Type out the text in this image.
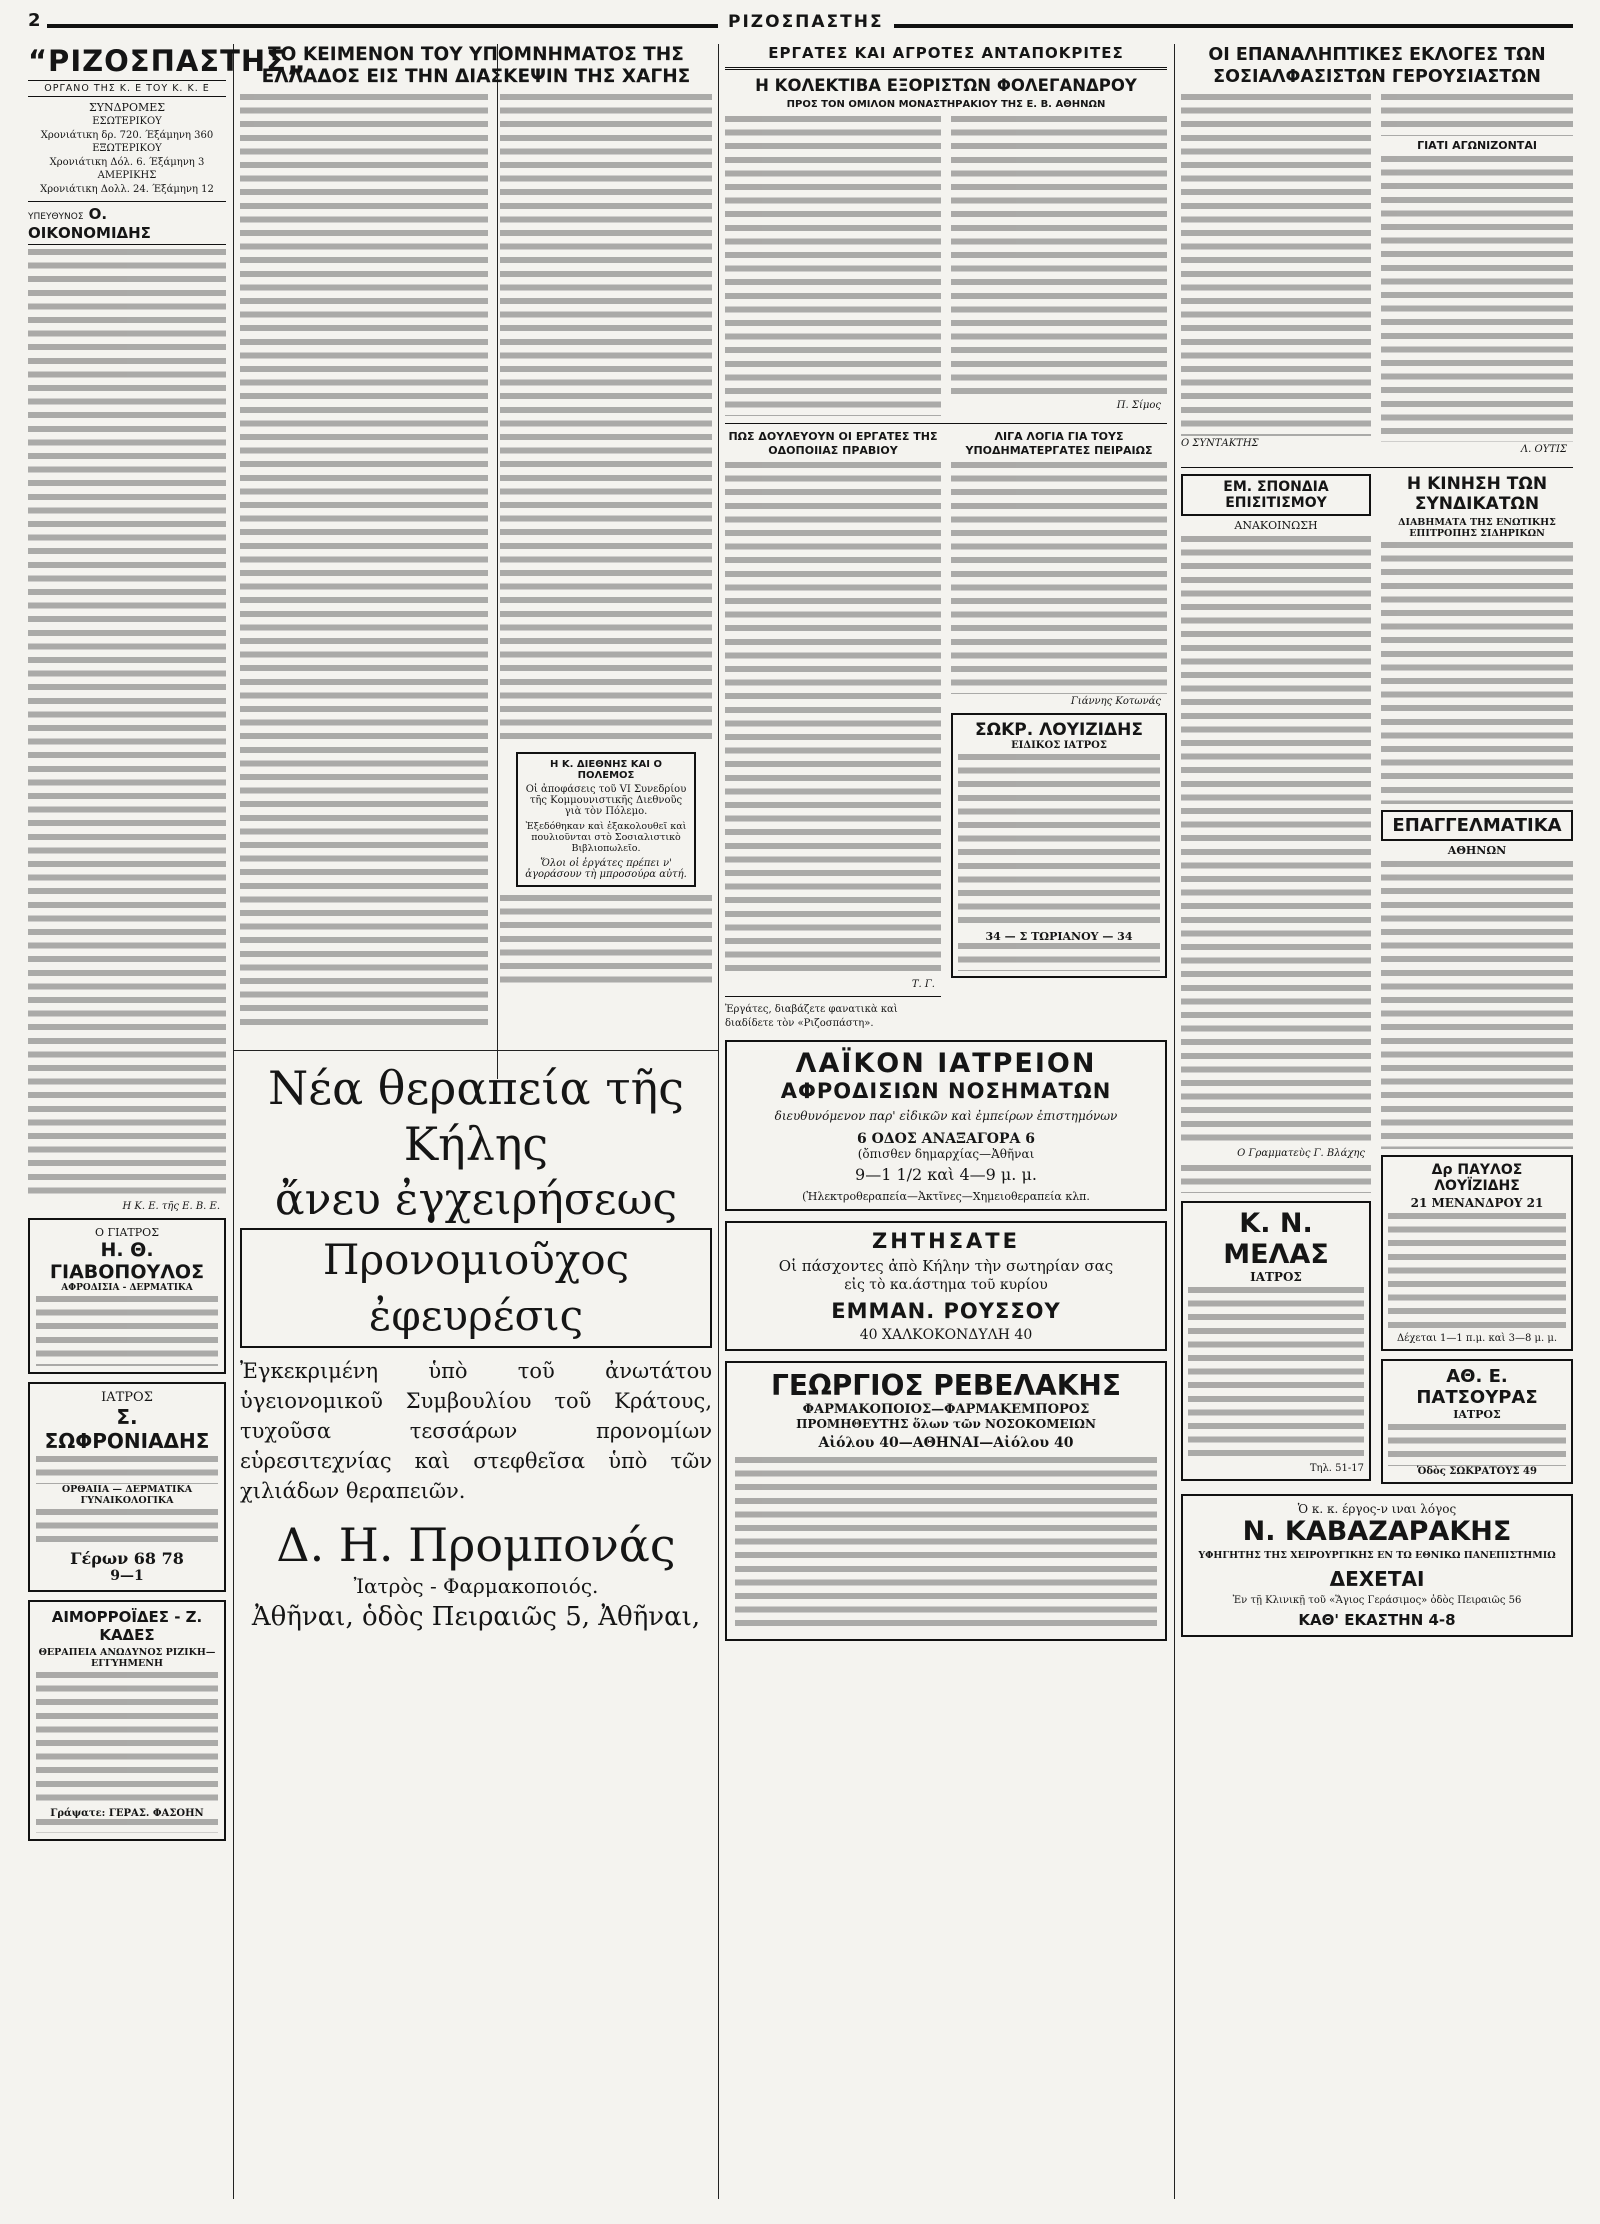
2	ΡΙΖΟΣΠΑΣΤΗΣ
“ΡΙΖΟΣΠΑΣΤΗΣ„
ΟΡΓΑΝΟ ΤΗΣ Κ. Ε ΤΟΥ Κ. Κ. Ε
ΣΥΝΔΡΟΜΕΣ
ΕΣΩΤΕΡΙΚΟΥ
Χρονιάτικη δρ. 720. Έξάμηνη 360
ΕΞΩΤΕΡΙΚΟΥ
Χρονιάτικη Δόλ. 6. Έξάμηνη 3
ΑΜΕΡΙΚΗΣ
Χρονιάτικη Δολλ. 24. Έξάμηνη 12
ΥΠΕΥΘΥΝΟΣ Ο. ΟΙΚΟΝΟΜΙΔΗΣ
Η Κ. Ε. τῆς Ε. Β. Ε.
Ο ΓΙΑΤΡΟΣ
Η. Θ. ΓΙΑΒΟΠΟΥΛΟΣ
ΑΦΡΟΔΙΣΙΑ - ΔΕΡΜΑΤΙΚΑ
ΙΑΤΡΟΣ
Σ. ΣΩΦΡΟΝΙΑΔΗΣ
ΟΡΘΑΙΙΑ — ΔΕΡΜΑΤΙΚΑ ΓΥΝΑΙΚΟΛΟΓΙΚΑ
Γέρων 68 78
9—1
ΑΙΜΟΡΡΟΪΔΕΣ - Ζ. ΚΑΔΕΣ
ΘΕΡΑΠΕΙΑ ΑΝΩΔΥΝΟΣ ΡΙΖΙΚΗ—ΕΓΓΥΗΜΕΝΗ
Γράψατε: ΓΕΡΑΣ. ΦΑΣΟΗΝ
ΤΟ ΚΕΙΜΕΝΟΝ ΤΟΥ ΥΠΟΜΝΗΜΑΤΟΣ ΤΗΣ ΕΛΛΑΔΟΣ ΕΙΣ ΤΗΝ ΔΙΑΣΚΕΨΙΝ ΤΗΣ ΧΑΓΗΣ
Η Κ. ΔΙΕΘΝΗΣ ΚΑΙ Ο ΠΟΛΕΜΟΣ
Οἱ ἀποφάσεις τοῦ VI Συνεδρίου τῆς Κομμουνιστικῆς Διεθνοῦς γιὰ τὸν Πόλεμο.
Ἐξεδόθηκαν καὶ ἐξακολουθεῖ καὶ πουλιοῦνται στὸ Σοσιαλιστικὸ Βιβλιοπωλεῖο.
Ὅλοι οἱ ἐργάτες πρέπει ν' ἀγοράσουν τὴ μπροσούρα αὐτή.
Νέα θεραπεία τῆς Κήλης
ἄνευ ἐγχειρήσεως
Προνομιοῦχος ἐφευρέσις
Ἐγκεκριμένη ὑπὸ τοῦ ἀνωτάτου ὑγειονομικοῦ Συμβουλίου τοῦ Κράτους, τυχοῦσα τεσσάρων προνομίων εὑρεσιτεχνίας καὶ στεφθεῖσα ὑπὸ τῶν χιλιάδων θεραπειῶν.
Δ. Η. Προμπονάς
Ἰατρὸς - Φαρμακοποιός.
Ἀθῆναι, ὁδὸς Πειραιῶς 5, Ἀθῆναι,
ΕΡΓΑΤΕΣ ΚΑΙ ΑΓΡΟΤΕΣ ΑΝΤΑΠΟΚΡΙΤΕΣ
Η ΚΟΛΕΚΤΙΒΑ ΕΞΟΡΙΣΤΩΝ ΦΟΛΕΓΑΝΔΡΟΥ
ΠΡΟΣ ΤΟΝ ΟΜΙΛΟΝ ΜΟΝΑΣΤΗΡΑΚΙΟΥ ΤΗΣ Ε. Β. ΑΘΗΝΩΝ
Π. Σίμος
ΠΩΣ ΔΟΥΛΕΥΟΥΝ ΟΙ ΕΡΓΑΤΕΣ ΤΗΣ ΟΔΟΠΟΙΙΑΣ ΠΡΑΒΙΟΥ
Τ. Γ.
Ἐργάτες, διαβάζετε φανατικὰ καὶ διαδίδετε τὸν «Ριζοσπάστη».
ΛΙΓΑ ΛΟΓΙΑ ΓΙΑ ΤΟΥΣ ΥΠΟΔΗΜΑΤΕΡΓΑΤΕΣ ΠΕΙΡΑΙΩΣ
Γιάννης Κοτωνάς
ΣΩΚΡ. ΛΟΥΙΖΙΔΗΣ
ΕΙΔΙΚΟΣ ΙΑΤΡΟΣ
34 — Σ ΤΩΡΙΑΝΟΥ — 34
ΛΑΪΚΟΝ ΙΑΤΡΕΙΟΝ
ΑΦΡΟΔΙΣΙΩΝ ΝΟΣΗΜΑΤΩΝ
διευθυνόμενον παρ' εἰδικῶν καὶ ἐμπείρων ἐπιστημόνων
6 ΟΔΟΣ ΑΝΑΞΑΓΟΡΑ 6
(ὄπισθεν δημαρχίας—Ἀθῆναι
9—1 1/2 καὶ 4—9 μ. μ.
(Ἠλεκτροθεραπεία—Ἀκτῖνες—Χημειοθεραπεία κλπ.
ΖΗΤΗΣΑΤΕ
Οἱ πάσχοντες ἀπὸ Κήλην τὴν σωτηρίαν σας
εἰς τὸ κα.άστημα τοῦ κυρίου
ΕΜΜΑΝ. ΡΟΥΣΣΟΥ
40 ΧΑΛΚΟΚΟΝΔΥΛΗ 40
ΓΕΩΡΓΙΟΣ ΡΕΒΕΛΑΚΗΣ
ΦΑΡΜΑΚΟΠΟΙΟΣ—ΦΑΡΜΑΚΕΜΠΟΡΟΣ
ΠΡΟΜΗΘΕΥΤΗΣ ὅλων τῶν ΝΟΣΟΚΟΜΕΙΩΝ
Αἰόλου 40—ΑΘΗΝΑΙ—Αἰόλου 40
ΟΙ ΕΠΑΝΑΛΗΠΤΙΚΕΣ ΕΚΛΟΓΕΣ ΤΩΝ ΣΟΣΙΑΛΦΑΣΙΣΤΩΝ ΓΕΡΟΥΣΙΑΣΤΩΝ
Ο ΣΥΝΤΑΚΤΗΣ
ΓΙΑΤΙ ΑΓΩΝΙΖΟΝΤΑΙ
Λ. ΟΥΤΙΣ
ΕΜ. ΣΠΟΝΔΙΑ ΕΠΙΣΙΤΙΣΜΟΥ
ΑΝΑΚΟΙΝΩΣΗ
Ο Γραμματεὺς Γ. Βλάχης
Κ. Ν. ΜΕΛΑΣ
ΙΑΤΡΟΣ
Τηλ. 51-17
Η ΚΙΝΗΣΗ ΤΩΝ ΣΥΝΔΙΚΑΤΩΝ
ΔΙΑΒΗΜΑΤΑ ΤΗΣ ΕΝΩΤΙΚΗΣ ΕΠΙΤΡΟΠΗΣ ΣΙΔΗΡΙΚΩΝ
ΕΠΑΓΓΕΛΜΑΤΙΚΑ
ΑΘΗΝΩΝ
Δρ ΠΑΥΛΟΣ ΛΟΥΪΖΙΔΗΣ
21 ΜΕΝΑΝΔΡΟΥ 21
Δέχεται 1—1 π.μ. καὶ 3—8 μ. μ.
ΑΘ. Ε. ΠΑΤΣΟΥΡΑΣ
ΙΑΤΡΟΣ
Ὁδὸς ΣΩΚΡΑΤΟΥΣ 49
Ὁ κ. κ. έργος-ν ιναι λόγος
Ν. ΚΑΒΑΖΑΡΑΚΗΣ
ΥΦΗΓΗΤΗΣ ΤΗΣ ΧΕΙΡΟΥΡΓΙΚΗΣ ΕΝ ΤΩ ΕΘΝΙΚΩ ΠΑΝΕΠΙΣΤΗΜΙΩ
ΔΕΧΕΤΑΙ
Ἐν τῇ Κλινικῇ τοῦ «Ἅγιος Γεράσιμος» ὁδὸς Πειραιῶς 56
ΚΑΘ' ΕΚΑΣΤΗΝ 4-8
